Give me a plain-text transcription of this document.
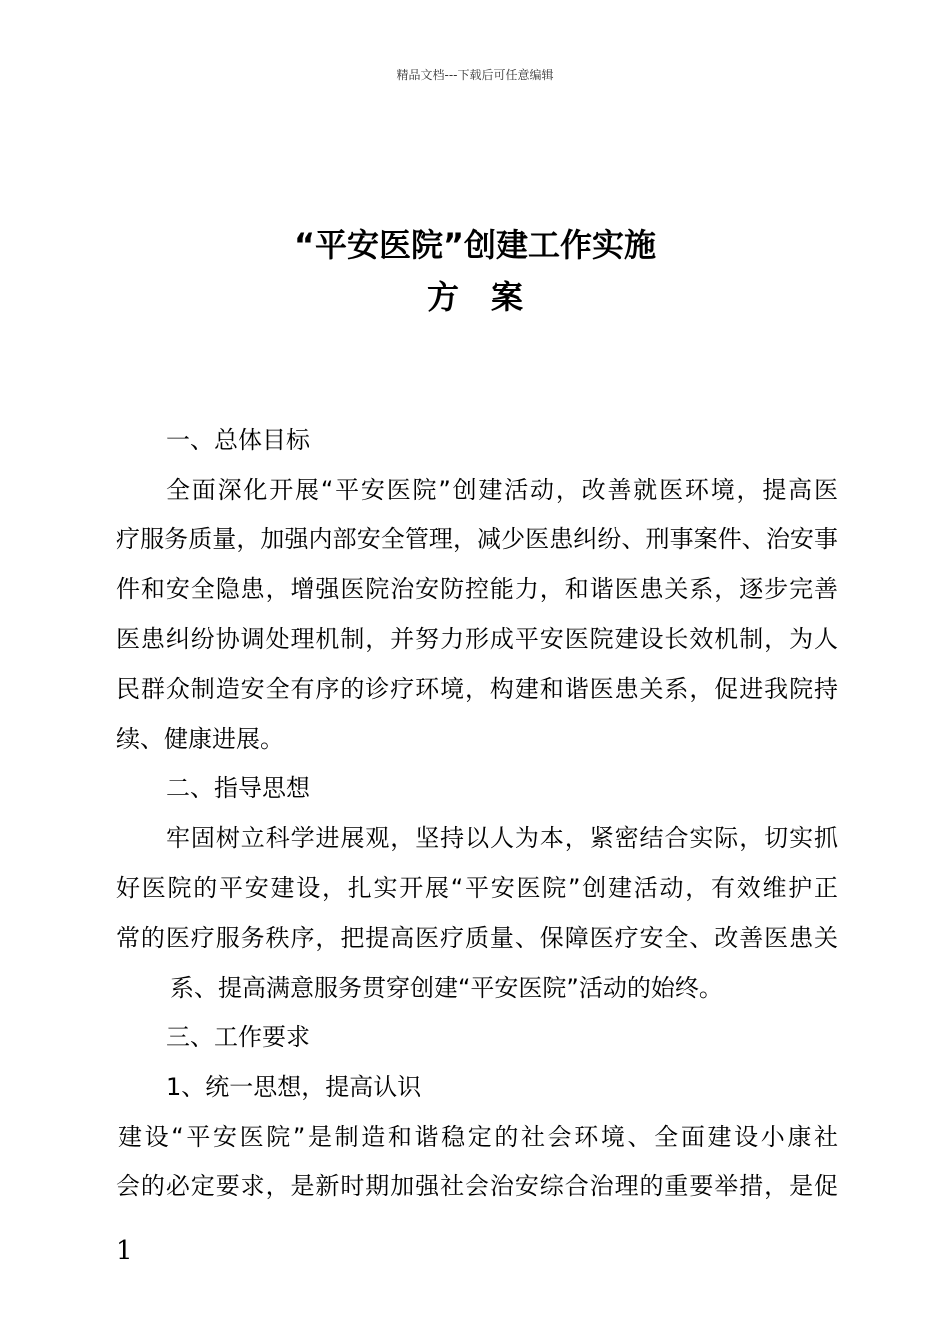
精品文档---下载后可任意编辑
“平安医院”创建工作实施
方　案
一、总体目标
全面深化开展“平安医院”创建活动，改善就医环境，提高医
疗服务质量，加强内部安全管理，减少医患纠纷、刑事案件、治安事
件和安全隐患，增强医院治安防控能力，和谐医患关系，逐步完善
医患纠纷协调处理机制，并努力形成平安医院建设长效机制，为人
民群众制造安全有序的诊疗环境，构建和谐医患关系，促进我院持
续、健康进展。
二、指导思想
牢固树立科学进展观，坚持以人为本，紧密结合实际，切实抓
好医院的平安建设，扎实开展“平安医院”创建活动，有效维护正
常的医疗服务秩序，把提高医疗质量、保障医疗安全、改善医患关
系、提高满意服务贯穿创建“平安医院”活动的始终。
三、工作要求
1、统一思想，提高认识
建设“平安医院”是制造和谐稳定的社会环境、全面建设小康社
会的必定要求，是新时期加强社会治安综合治理的重要举措，是促
1
